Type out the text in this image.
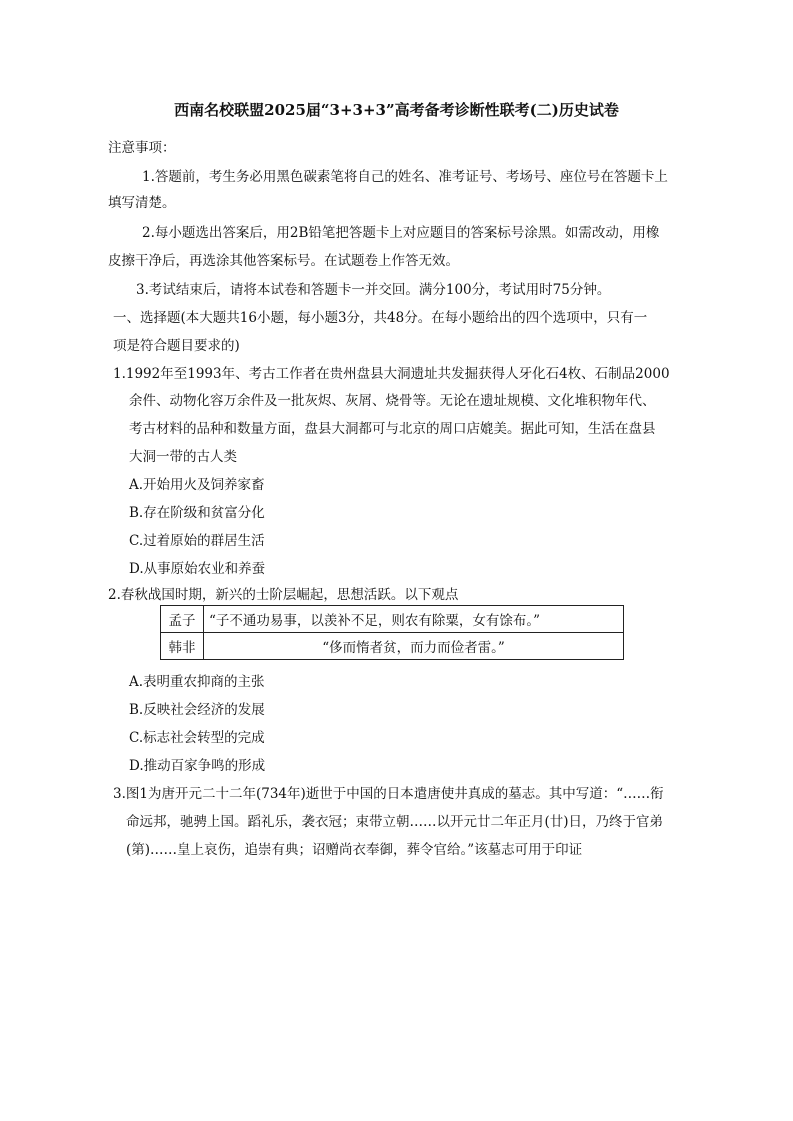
西南名校联盟2025届“3+3+3”高考备考诊断性联考(二)历史试卷
注意事项：
1.答题前，考生务必用黑色碳素笔将自己的姓名、准考证号、考场号、座位号在答题卡上
填写清楚。
2.每小题选出答案后，用2B铅笔把答题卡上对应题目的答案标号涂黑。如需改动，用橡
皮擦干净后，再选涂其他答案标号。在试题卷上作答无效。
3.考试结束后，请将本试卷和答题卡一并交回。满分100分，考试用时75分钟。
一、选择题(本大题共16小题，每小题3分，共48分。在每小题给出的四个选项中，只有一
项是符合题目要求的)
1.1992年至1993年、考古工作者在贵州盘县大洞遗址共发掘获得人牙化石4枚、石制品2000
余件、动物化容万余件及一批灰烬、灰屑、烧骨等。无论在遗址规模、文化堆积物年代、
考古材料的品种和数量方面，盘县大洞都可与北京的周口店媲美。据此可知，生活在盘县
大洞一带的古人类
A.开始用火及饲养家畜
B.存在阶级和贫富分化
C.过着原始的群居生活
D.从事原始农业和养蚕
2.春秋战国时期，新兴的士阶层崛起，思想活跃。以下观点
孟子	“子不通功易事，以羡补不足，则农有除粟，女有馀布。”
韩非	“侈而惰者贫，而力而俭者雷。”
A.表明重农抑商的主张
B.反映社会经济的发展
C.标志社会转型的完成
D.推动百家争鸣的形成
3.图1为唐开元二十二年(734年)逝世于中国的日本遣唐使井真成的墓志。其中写道：“……衔
命远邦，驰骋上国。蹈礼乐，袭衣冠；束带立朝……以开元廿二年正月(廿)日，乃终于官弟
(第)……皇上哀伤，追崇有典；诏赠尚衣奉御，葬令官给。”该墓志可用于印证
